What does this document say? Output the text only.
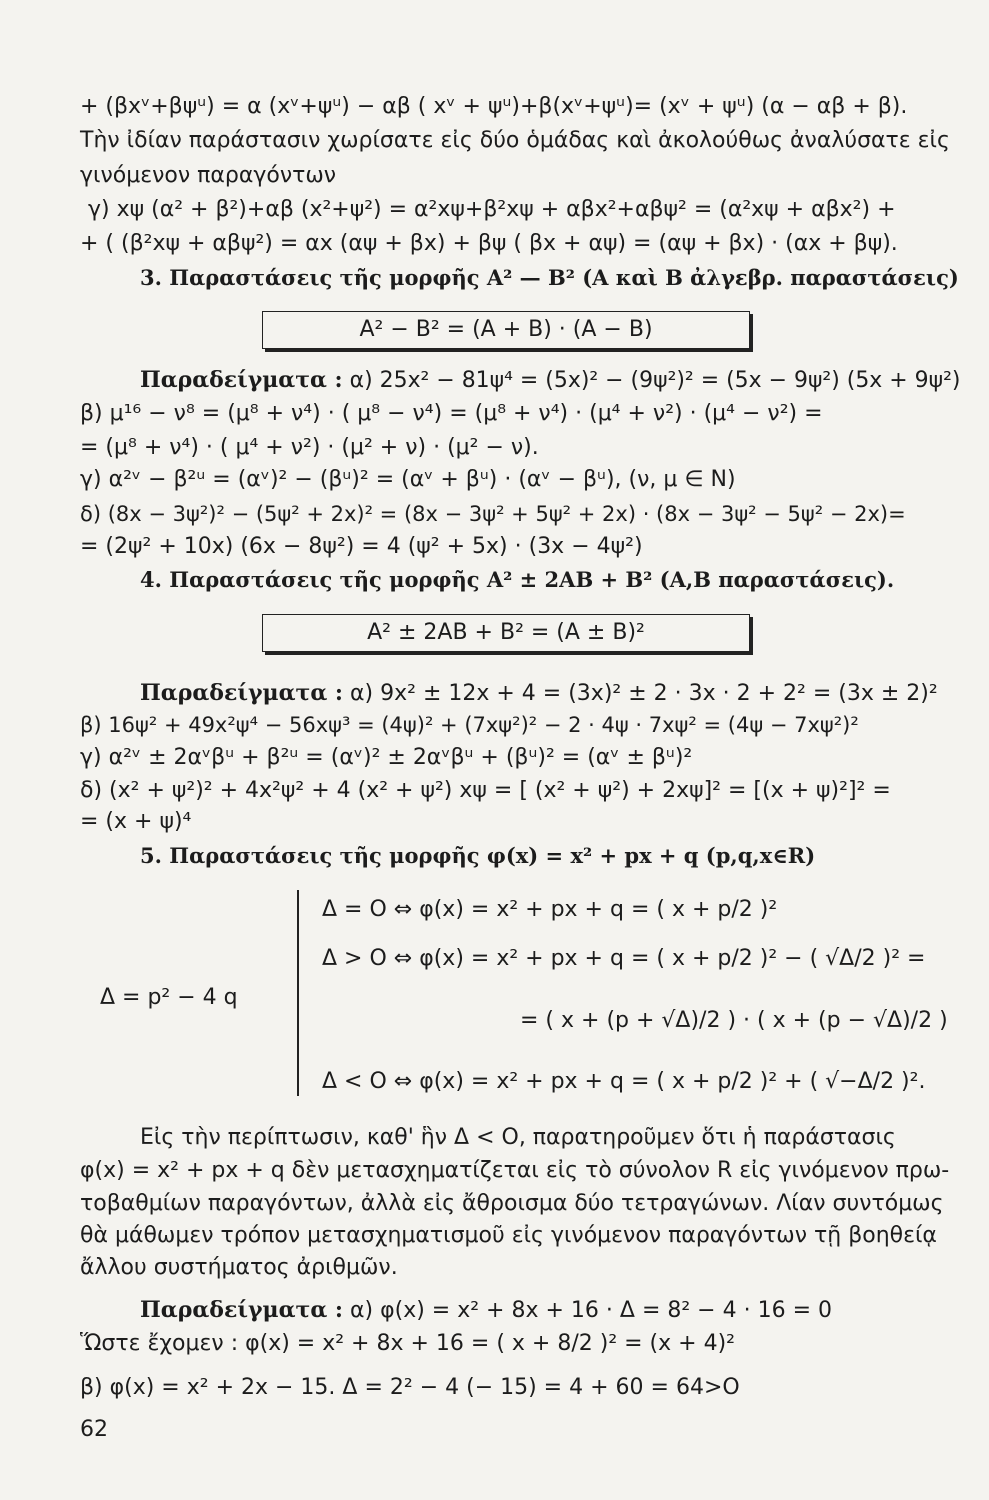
+ (βxᵛ+βψᵘ) = α (xᵛ+ψᵘ) − αβ ( xᵛ + ψᵘ)+β(xᵛ+ψᵘ)= (xᵛ + ψᵘ) (α − αβ + β).
Τὴν ἰδίαν παράστασιν χωρίσατε εἰς δύο ὁμάδας καὶ ἀκολούθως ἀναλύσατε εἰς
γινόμενον παραγόντων
γ) xψ (α² + β²)+αβ (x²+ψ²) = α²xψ+β²xψ + αβx²+αβψ² = (α²xψ + αβx²) +
+ ( (β²xψ + αβψ²) = αx (αψ + βx) + βψ ( βx + αψ) = (αψ + βx) · (αx + βψ).
3. Παραστάσεις τῆς μορφῆς A² — B² (A καὶ B ἀλγεβρ. παραστάσεις)
A² − B² = (A + B) · (A − B)
Παραδείγματα : α) 25x² − 81ψ⁴ = (5x)² − (9ψ²)² = (5x − 9ψ²) (5x + 9ψ²)
β) μ¹⁶ − ν⁸ = (μ⁸ + ν⁴) · ( μ⁸ − ν⁴) = (μ⁸ + ν⁴) · (μ⁴ + ν²) · (μ⁴ − ν²) =
= (μ⁸ + ν⁴) · ( μ⁴ + ν²) · (μ² + ν) · (μ² − ν).
γ) α²ᵛ − β²ᵘ = (αᵛ)² − (βᵘ)² = (αᵛ + βᵘ) · (αᵛ − βᵘ), (ν, μ ∈ N)
δ) (8x − 3ψ²)² − (5ψ² + 2x)² = (8x − 3ψ² + 5ψ² + 2x) · (8x − 3ψ² − 5ψ² − 2x)=
= (2ψ² + 10x) (6x − 8ψ²) = 4 (ψ² + 5x) · (3x − 4ψ²)
4. Παραστάσεις τῆς μορφῆς A² ± 2AB + B² (A,B παραστάσεις).
A² ± 2AB + B² = (A ± B)²
Παραδείγματα : α) 9x² ± 12x + 4 = (3x)² ± 2 · 3x · 2 + 2² = (3x ± 2)²
β) 16ψ² + 49x²ψ⁴ − 56xψ³ = (4ψ)² + (7xψ²)² − 2 · 4ψ · 7xψ² = (4ψ − 7xψ²)²
γ) α²ᵛ ± 2αᵛβᵘ + β²ᵘ = (αᵛ)² ± 2αᵛβᵘ + (βᵘ)² = (αᵛ ± βᵘ)²
δ) (x² + ψ²)² + 4x²ψ² + 4 (x² + ψ²) xψ = [ (x² + ψ²) + 2xψ]² = [(x + ψ)²]² =
= (x + ψ)⁴
5. Παραστάσεις τῆς μορφῆς φ(x) = x² + px + q (p,q,x∈R)
Δ = p² − 4 q
Δ = O ⇔ φ(x) = x² + px + q = ( x + p/2 )²
Δ > O ⇔ φ(x) = x² + px + q = ( x + p/2 )² − ( √Δ/2 )² =
= ( x + (p + √Δ)/2 ) · ( x + (p − √Δ)/2 )
Δ < O ⇔ φ(x) = x² + px + q = ( x + p/2 )² + ( √−Δ/2 )².
Εἰς τὴν περίπτωσιν, καθ' ἣν Δ < O, παρατηροῦμεν ὅτι ἡ παράστασις
φ(x) = x² + px + q δὲν μετασχηματίζεται εἰς τὸ σύνολον R εἰς γινόμενον πρω-
τοβαθμίων παραγόντων, ἀλλὰ εἰς ἄθροισμα δύο τετραγώνων. Λίαν συντόμως
θὰ μάθωμεν τρόπον μετασχηματισμοῦ εἰς γινόμενον παραγόντων τῇ βοηθείᾳ
ἄλλου συστήματος ἀριθμῶν.
Παραδείγματα : α) φ(x) = x² + 8x + 16 · Δ = 8² − 4 · 16 = 0
Ὥστε ἔχομεν : φ(x) = x² + 8x + 16 = ( x + 8/2 )² = (x + 4)²
β) φ(x) = x² + 2x − 15. Δ = 2² − 4 (− 15) = 4 + 60 = 64>O
62
